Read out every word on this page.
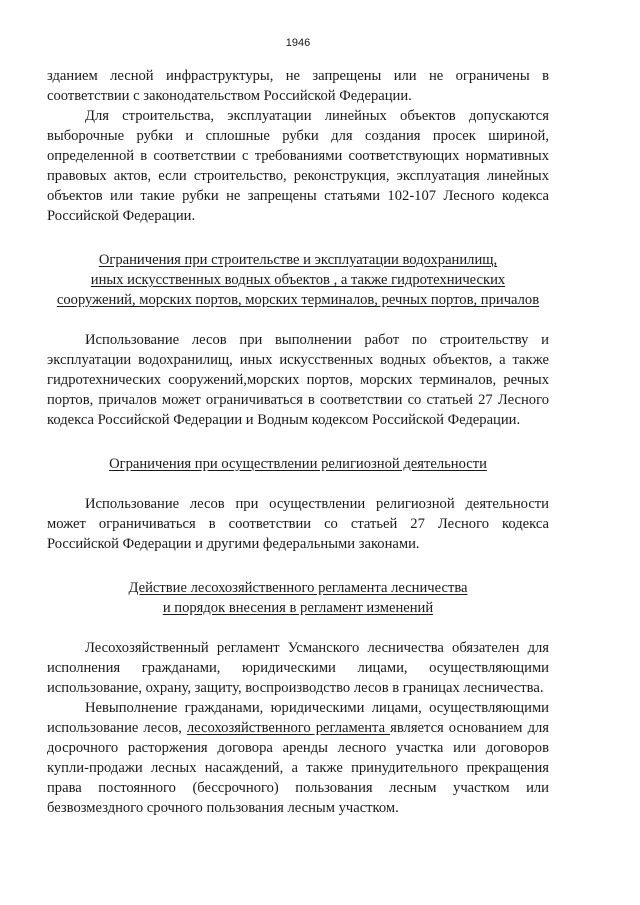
1946

зданием лесной инфраструктуры, не запрещены или не ограничены в соответствии с законодательством Российской Федерации.

Для строительства, эксплуатации линейных объектов допускаются выборочные рубки и сплошные рубки для создания просек шириной, определенной в соответствии с требованиями соответствующих нормативных правовых актов, если строительство, реконструкция, эксплуатация линейных объектов или такие рубки не запрещены статьями 102-107 Лесного кодекса Российской Федерации.

Ограничения при строительстве и эксплуатации водохранилищ,
иных искусственных водных объектов , а также гидротехнических
сооружений, морских портов, морских терминалов, речных портов, причалов

Использование лесов при выполнении работ по строительству и эксплуатации водохранилищ, иных искусственных водных объектов, а также гидротехнических сооружений,морских портов, морских терминалов, речных портов, причалов может ограничиваться в соответствии со статьей 27 Лесного кодекса Российской Федерации и Водным кодексом Российской Федерации.

Ограничения при осуществлении религиозной деятельности

Использование лесов при осуществлении религиозной деятельности может ограничиваться в соответствии со статьей 27 Лесного кодекса Российской Федерации и другими федеральными законами.

Действие лесохозяйственного регламента лесничества
и порядок внесения в регламент изменений

Лесохозяйственный регламент Усманского лесничества обязателен для исполнения гражданами, юридическими лицами, осуществляющими использование, охрану, защиту, воспроизводство лесов в границах лесничества.

Невыполнение гражданами, юридическими лицами, осуществляющими использование лесов, лесохозяйственного регламента является основанием для досрочного расторжения договора аренды лесного участка или договоров купли-продажи лесных насаждений, а также принудительного прекращения права постоянного (бессрочного) пользования лесным участком или безвозмездного срочного пользования лесным участком.
